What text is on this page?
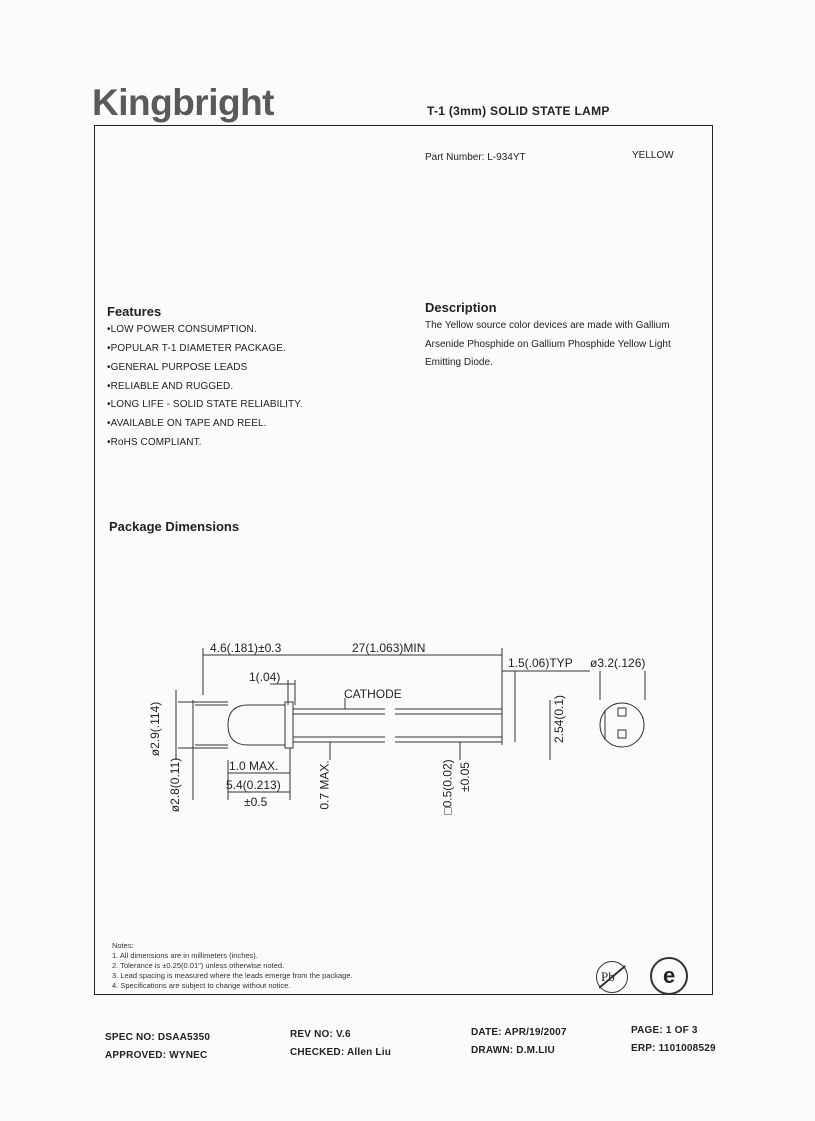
Kingbright	T-1 (3mm) SOLID STATE LAMP
Part Number: L-934YT	YELLOW
Features
•LOW POWER CONSUMPTION.
•POPULAR T-1 DIAMETER PACKAGE.
•GENERAL PURPOSE LEADS
•RELIABLE AND RUGGED.
•LONG LIFE - SOLID STATE RELIABILITY.
•AVAILABLE ON TAPE AND REEL.
•RoHS COMPLIANT.
Description
The Yellow source color devices are made with Gallium Arsenide Phosphide on Gallium Phosphide Yellow Light Emitting Diode.
Package Dimensions
4.6(.181)±0.3	27(1.063)MIN
1.5(.06)TYP ø3.2(.126)
1(.04)
CATHODE
1.0 MAX.
5.4(0.213)
±0.5
ø2.9(.114)
ø2.8(0.11)	0.7 MAX.	□0.5(0.02) ±0.05
2.54(0.1)
Notes:
1. All dimensions are in millimeters (inches).
2. Tolerance is ±0.25(0.01") unless otherwise noted.
3. Lead spacing is measured where the leads emerge from the package.
4. Specifications are subject to change without notice.
Pb e
SPEC NO: DSAA5350
APPROVED: WYNEC
REV NO: V.6
CHECKED: Allen Liu
DATE: APR/19/2007
DRAWN: D.M.LIU
PAGE: 1 OF 3
ERP: 1101008529
